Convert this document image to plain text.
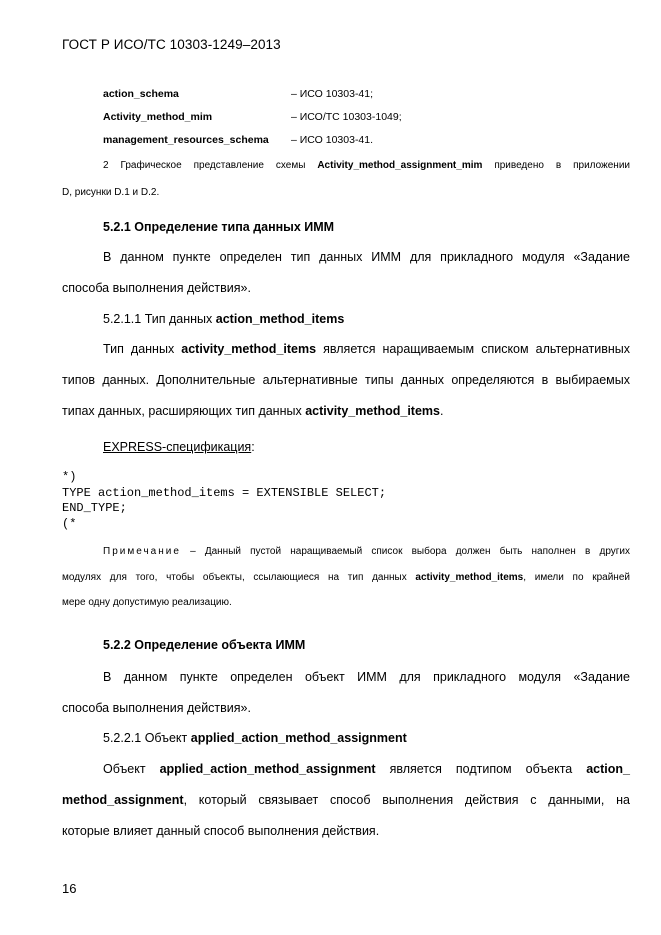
ГОСТ Р ИСО/ТС 10303-1249–2013
action_schema	– ИСО 10303-41;
Activity_method_mim	– ИСО/ТС 10303-1049;
management_resources_schema – ИСО 10303-41.
2 Графическое представление схемы Activity_method_assignment_mim приведено в приложении
D, рисунки D.1 и D.2.
5.2.1 Определение типа данных ИММ
В данном пункте определен тип данных ИММ для прикладного модуля «Задание
способа выполнения действия».
5.2.1.1 Тип данных action_method_items
Тип данных activity_method_items является наращиваемым списком альтернативных
типов данных. Дополнительные альтернативные типы данных определяются в выбираемых
типах данных, расширяющих тип данных activity_method_items.
EXPRESS-спецификация:
*)
TYPE action_method_items = EXTENSIBLE SELECT;
END_TYPE;
(*
Примечание – Данный пустой наращиваемый список выбора должен быть наполнен в других
модулях для того, чтобы объекты, ссылающиеся на тип данных activity_method_items, имели по крайней
мере одну допустимую реализацию.
5.2.2 Определение объекта ИММ
В данном пункте определен объект ИММ для прикладного модуля «Задание
способа выполнения действия».
5.2.2.1 Объект applied_action_method_assignment
Объект applied_action_method_assignment является подтипом объекта action_
method_assignment, который связывает способ выполнения действия с данными, на
которые влияет данный способ выполнения действия.
16
